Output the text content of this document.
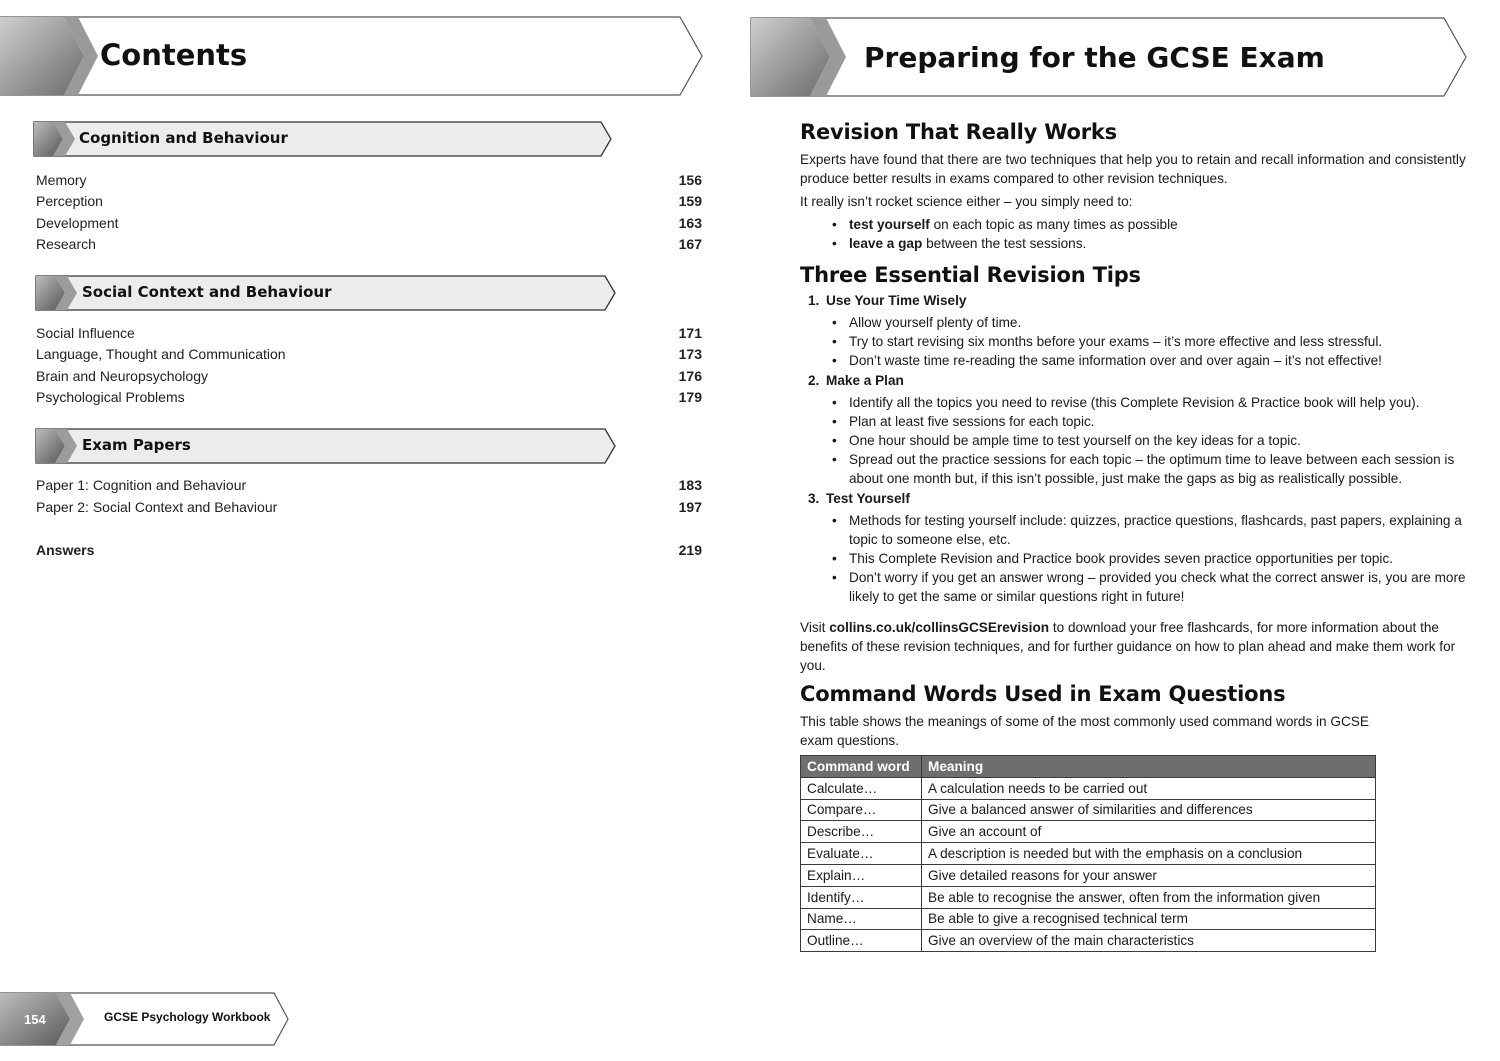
Contents
Cognition and Behaviour
Memory	156
Perception	159
Development	163
Research	167
Social Context and Behaviour
Social Influence	171
Language, Thought and Communication	173
Brain and Neuropsychology	176
Psychological Problems	179
Exam Papers
Paper 1: Cognition and Behaviour	183
Paper 2: Social Context and Behaviour	197
Answers	219
154	GCSE Psychology Workbook
Preparing for the GCSE Exam
Revision That Really Works

Experts have found that there are two techniques that help you to retain and recall information and consistently produce better results in exams compared to other revision techniques.

It really isn’t rocket science either – you simply need to:

• test yourself on each topic as many times as possible
• leave a gap between the test sessions.
Three Essential Revision Tips
1. Use Your Time Wisely
• Allow yourself plenty of time.
• Try to start revising six months before your exams – it’s more effective and less stressful.
• Don’t waste time re-reading the same information over and over again – it’s not effective!
2. Make a Plan
• Identify all the topics you need to revise (this Complete Revision & Practice book will help you).
• Plan at least five sessions for each topic.
• One hour should be ample time to test yourself on the key ideas for a topic.
• Spread out the practice sessions for each topic – the optimum time to leave between each session is about one month but, if this isn’t possible, just make the gaps as big as realistically possible.
3. Test Yourself
• Methods for testing yourself include: quizzes, practice questions, flashcards, past papers, explaining a topic to someone else, etc.
• This Complete Revision and Practice book provides seven practice opportunities per topic.
• Don’t worry if you get an answer wrong – provided you check what the correct answer is, you are more likely to get the same or similar questions right in future!

Visit collins.co.uk/collinsGCSErevision to download your free flashcards, for more information about the benefits of these revision techniques, and for further guidance on how to plan ahead and make them work for you.

Command Words Used in Exam Questions

This table shows the meanings of some of the most commonly used command words in GCSE exam questions.

Command word	Meaning
Calculate…	A calculation needs to be carried out
Compare…	Give a balanced answer of similarities and differences
Describe…	Give an account of
Evaluate…	A description is needed but with the emphasis on a conclusion
Explain…	Give detailed reasons for your answer
Identify…	Be able to recognise the answer, often from the information given
Name…	Be able to give a recognised technical term
Outline…	Give an overview of the main characteristics
